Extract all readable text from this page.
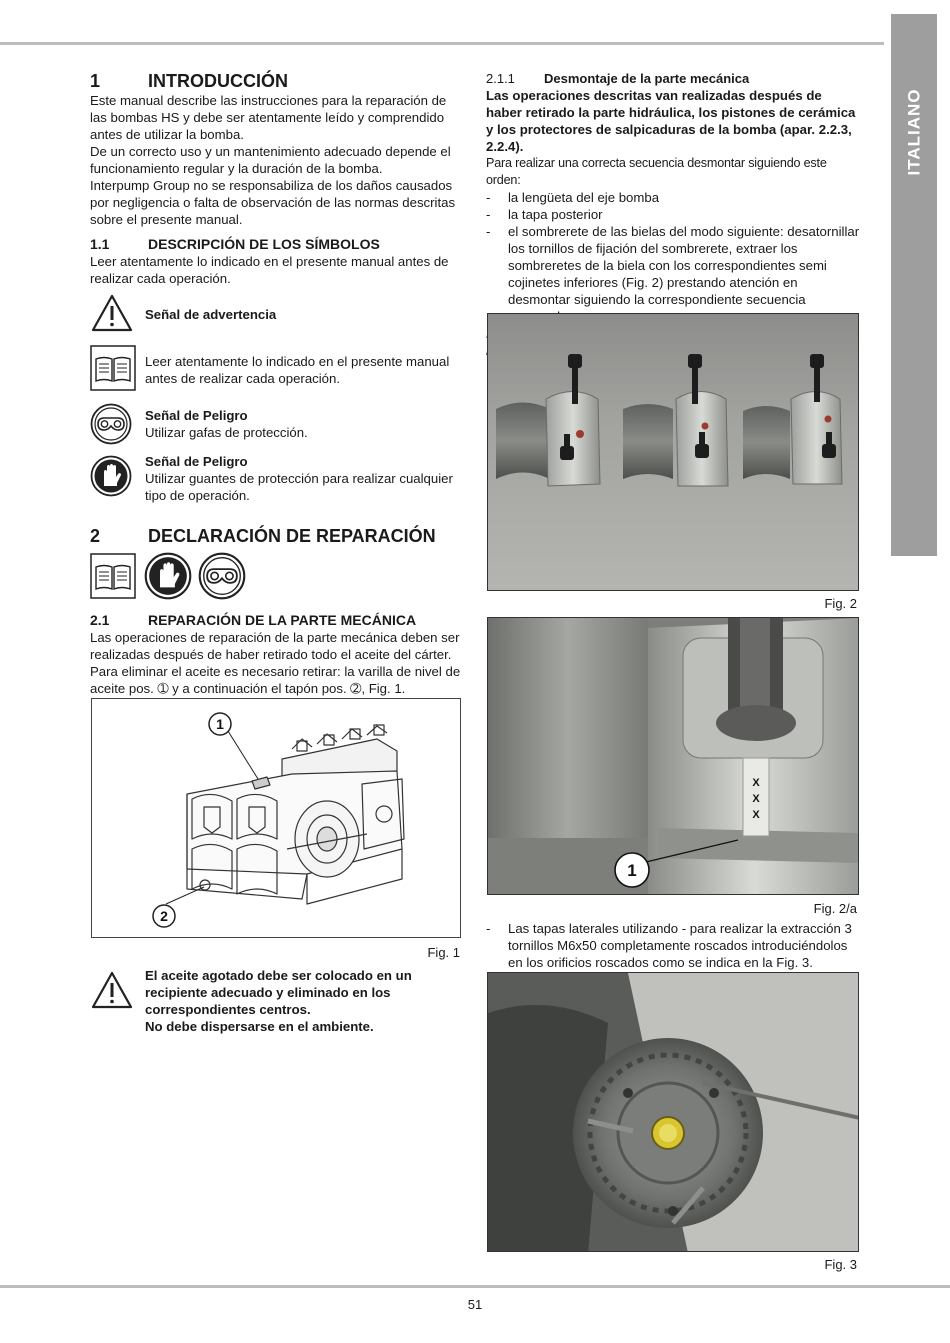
ITALIANO
1	INTRODUCCIÓN

Este manual describe las instrucciones para la reparación de las bombas HS y debe ser atentamente leído y comprendido antes de utilizar la bomba.

De un correcto uso y un mantenimiento adecuado depende el funcionamiento regular y la duración de la bomba.

Interpump Group no se responsabiliza de los daños causados por negligencia o falta de observación de las normas descritas sobre el presente manual.

1.1	DESCRIPCIÓN DE LOS SÍMBOLOS

Leer atentamente lo indicado en el presente manual antes de realizar cada operación.

Señal de advertencia
Leer atentamente lo indicado en el presente manual antes de realizar cada operación.
Señal de Peligro
Utilizar gafas de protección.
Señal de Peligro
Utilizar guantes de protección para realizar cualquier tipo de operación.
2	DECLARACIÓN DE REPARACIÓN
2.1	REPARACIÓN DE LA PARTE MECÁNICA

Las operaciones de reparación de la parte mecánica deben ser realizadas después de haber retirado todo el aceite del cárter.

Para eliminar el aceite es necesario retirar: la varilla de nivel de aceite pos. ➀ y a continuación el tapón pos. ➁, Fig. 1.

1
2
Fig. 1
El aceite agotado debe ser colocado en un
recipiente adecuado y eliminado en los
correspondientes centros.
No debe dispersarse en el ambiente.
2.1.1	Desmontaje de la parte mecánica

Las operaciones descritas van realizadas después de haber retirado la parte hidráulica, los pistones de cerámica y los protectores de salpicaduras de la bomba (apar. 2.2.3, 2.2.4).

Para realizar una correcta secuencia desmontar siguiendo este orden:

- la lengüeta del eje bomba
- la tapa posterior
- el sombrerete de las bielas del modo siguiente: desatornillar los tornillos de fijación del sombrerete, extraer los sombreretes de la biela con los correspondientes semi cojinetes inferiores (Fig. 2) prestando atención en desmontar siguiendo la correspondiente secuencia

Fig. 2
X X X
1
Fig. 2/a
- Las tapas laterales utilizando - para realizar la extracción 3 tornillos M6x50 completamente roscados introduciéndolos en los orificios roscados como se indica en la Fig. 3.
Fig. 3
51
